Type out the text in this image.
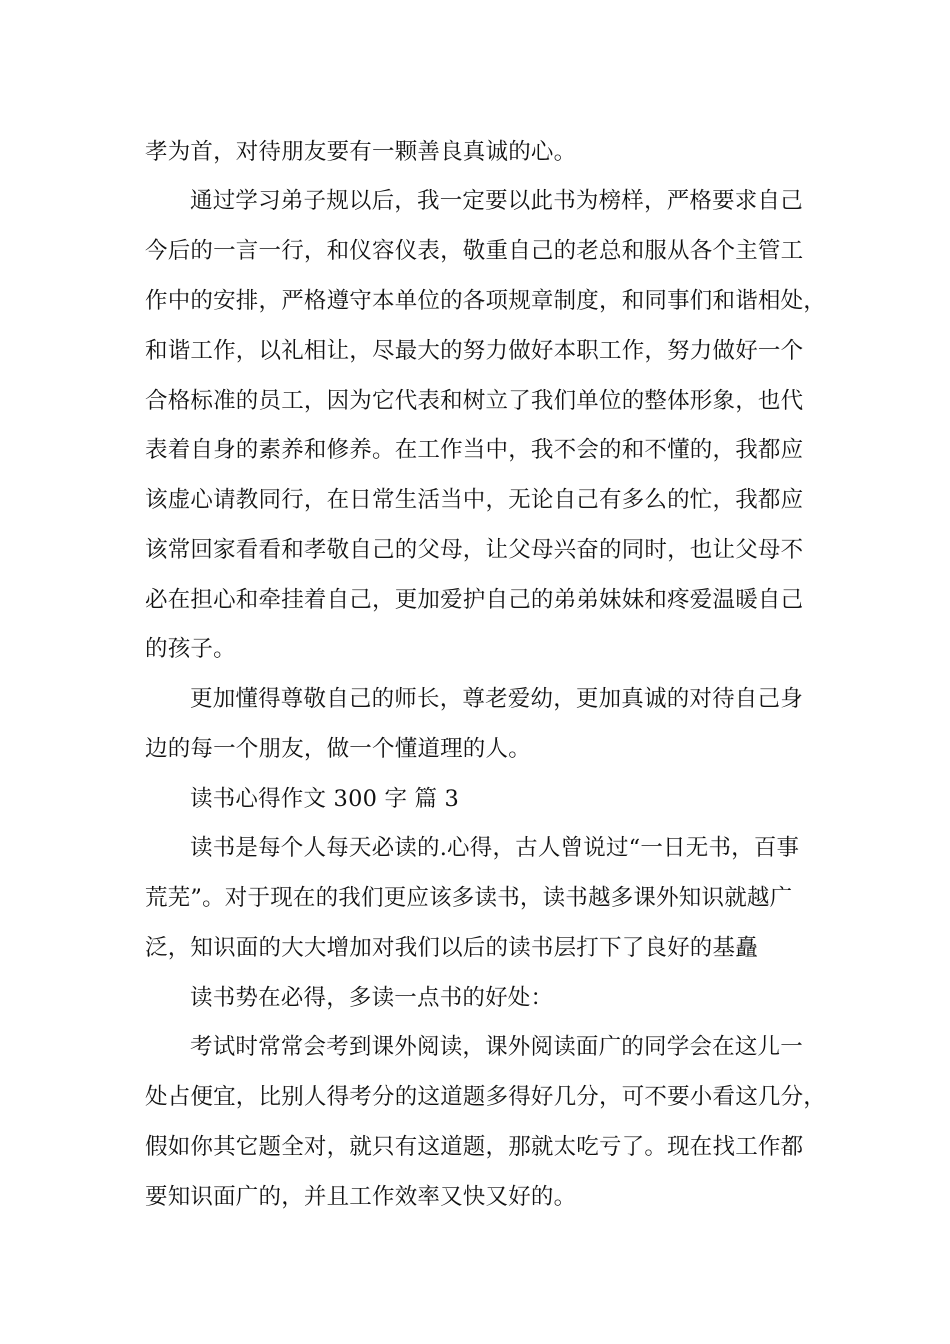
孝为首，对待朋友要有一颗善良真诚的心。
通过学习弟子规以后，我一定要以此书为榜样，严格要求自己
今后的一言一行，和仪容仪表，敬重自己的老总和服从各个主管工
作中的安排，严格遵守本单位的各项规章制度，和同事们和谐相处，
和谐工作，以礼相让，尽最大的努力做好本职工作，努力做好一个
合格标准的员工，因为它代表和树立了我们单位的整体形象，也代
表着自身的素养和修养。在工作当中，我不会的和不懂的，我都应
该虚心请教同行，在日常生活当中，无论自己有多么的忙，我都应
该常回家看看和孝敬自己的父母，让父母兴奋的同时，也让父母不
必在担心和牵挂着自己，更加爱护自己的弟弟妹妹和疼爱温暖自己
的孩子。
更加懂得尊敬自己的师长，尊老爱幼，更加真诚的对待自己身
边的每一个朋友，做一个懂道理的人。
读书心得作文 300 字 篇 3
读书是每个人每天必读的.心得，古人曾说过“一日无书，百事
荒芜”。对于现在的我们更应该多读书，读书越多课外知识就越广
泛，知识面的大大增加对我们以后的读书层打下了良好的基矗
读书势在必得，多读一点书的好处：
考试时常常会考到课外阅读，课外阅读面广的同学会在这儿一
处占便宜，比别人得考分的这道题多得好几分，可不要小看这几分，
假如你其它题全对，就只有这道题，那就太吃亏了。现在找工作都
要知识面广的，并且工作效率又快又好的。
